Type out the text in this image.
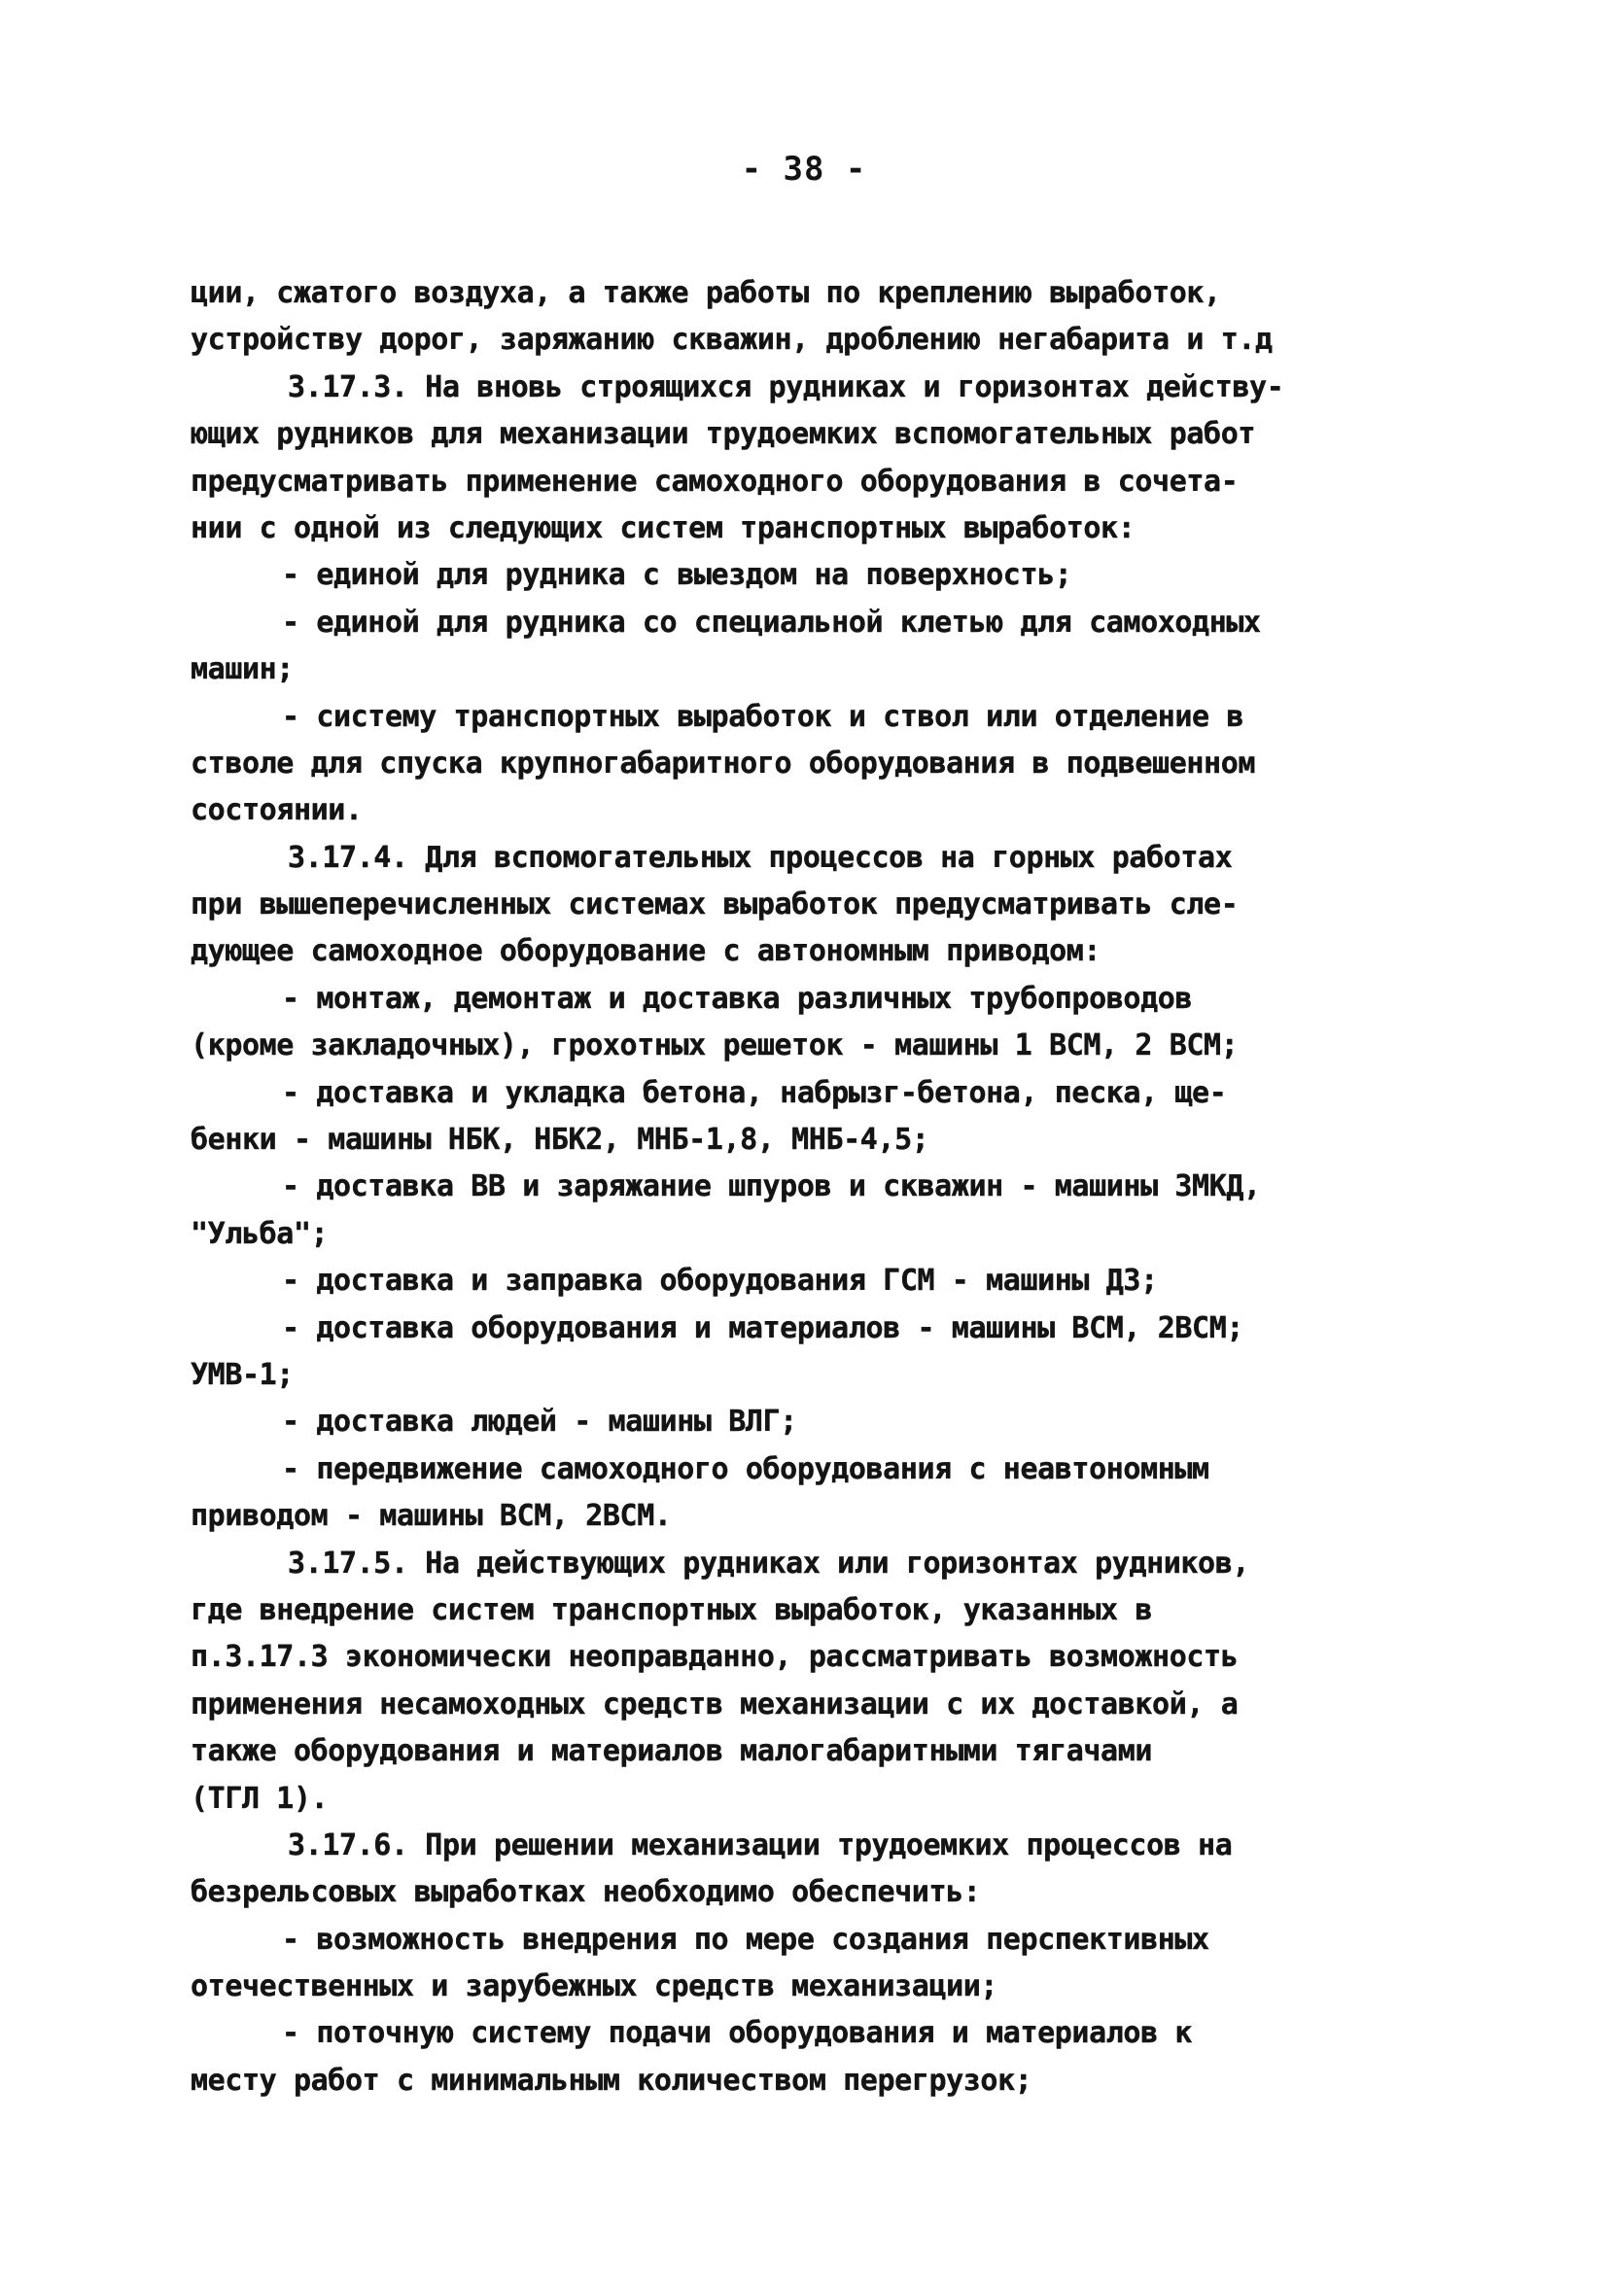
- 38 -
ции, сжатого воздуха, а также работы по креплению выработок,
устройству дорог, заряжанию скважин, дроблению негабарита и т.д
3.17.3. На вновь строящихся рудниках и горизонтах действу-
ющих рудников для механизации трудоемких вспомогательных работ
предусматривать применение самоходного оборудования в сочета-
нии с одной из следующих систем транспортных выработок:
- единой для рудника с выездом на поверхность;
- единой для рудника со специальной клетью для самоходных
машин;
- систему транспортных выработок и ствол или отделение в
стволе для спуска крупногабаритного оборудования в подвешенном
состоянии.
3.17.4. Для вспомогательных процессов на горных работах
при вышеперечисленных системах выработок предусматривать сле-
дующее самоходное оборудование с автономным приводом:
- монтаж, демонтаж и доставка различных трубопроводов
(кроме закладочных), грохотных решеток - машины 1 ВСМ, 2 ВСМ;
- доставка и укладка бетона, набрызг-бетона, песка, ще-
бенки - машины НБК, НБК2, МНБ-1,8, МНБ-4,5;
- доставка ВВ и заряжание шпуров и скважин - машины ЗМКД,
"Ульба";
- доставка и заправка оборудования ГСМ - машины ДЗ;
- доставка оборудования и материалов - машины ВСМ, 2ВСМ;
УМВ-1;
- доставка людей - машины ВЛГ;
- передвижение самоходного оборудования с неавтономным
приводом - машины ВСМ, 2ВСМ.
3.17.5. На действующих рудниках или горизонтах рудников,
где внедрение систем транспортных выработок, указанных в
п.3.17.3 экономически неоправданно, рассматривать возможность
применения несамоходных средств механизации с их доставкой, а
также оборудования и материалов малогабаритными тягачами
(ТГЛ 1).
3.17.6. При решении механизации трудоемких процессов на
безрельсовых выработках необходимо обеспечить:
- возможность внедрения по мере создания перспективных
отечественных и зарубежных средств механизации;
- поточную систему подачи оборудования и материалов к
месту работ с минимальным количеством перегрузок;
